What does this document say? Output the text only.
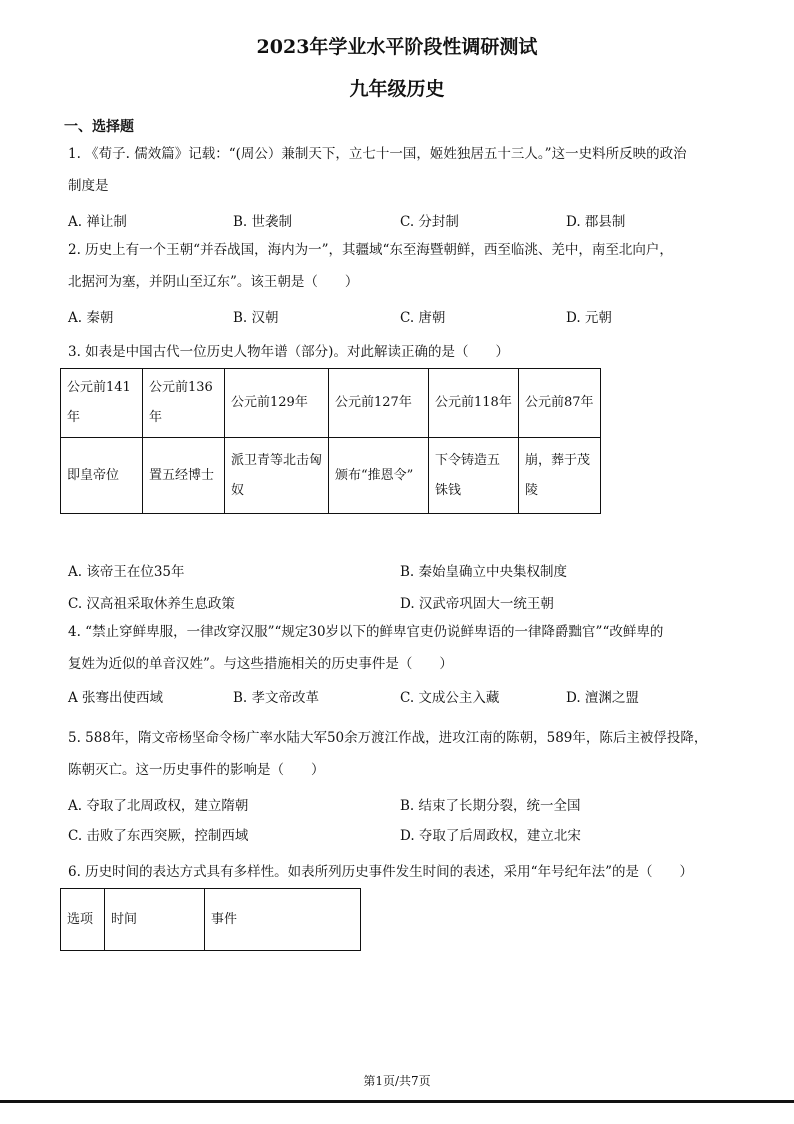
2023年学业水平阶段性调研测试
九年级历史
一、选择题
1. 《荀子. 儒效篇》记载：“(周公）兼制天下，立七十一国，姬姓独居五十三人。”这一史料所反映的政治
制度是
A. 禅让制	B. 世袭制	C. 分封制	D. 郡县制
2. 历史上有一个王朝“并吞战国，海内为一”，其疆域“东至海暨朝鲜，西至临洮、羌中，南至北向户，
北据河为塞，并阴山至辽东”。该王朝是（　　）
A. 秦朝	B. 汉朝	C. 唐朝	D. 元朝
3. 如表是中国古代一位历史人物年谱（部分)。对此解读正确的是（　　）
公元前141年	公元前136年	公元前129年	公元前127年	公元前118年	公元前87年
即皇帝位	置五经博士	派卫青等北击匈奴	颁布“推恩令”	下令铸造五铢钱	崩，葬于茂陵
A. 该帝王在位35年	B. 秦始皇确立中央集权制度
C. 汉高祖采取休养生息政策	D. 汉武帝巩固大一统王朝
4. “禁止穿鲜卑服，一律改穿汉服”“规定30岁以下的鲜卑官吏仍说鲜卑语的一律降爵黜官”“改鲜卑的
复姓为近似的单音汉姓”。与这些措施相关的历史事件是（　　）
A 张骞出使西域	B. 孝文帝改革	C. 文成公主入藏	D. 澶渊之盟
5. 588年，隋文帝杨坚命令杨广率水陆大军50余万渡江作战，进攻江南的陈朝，589年，陈后主被俘投降，
陈朝灭亡。这一历史事件的影响是（　　）
A. 夺取了北周政权，建立隋朝	B. 结束了长期分裂，统一全国
C. 击败了东西突厥，控制西域	D. 夺取了后周政权，建立北宋
6. 历史时间的表达方式具有多样性。如表所列历史事件发生时间的表述，采用“年号纪年法”的是（　　）
选项	时间	事件
第1页/共7页
